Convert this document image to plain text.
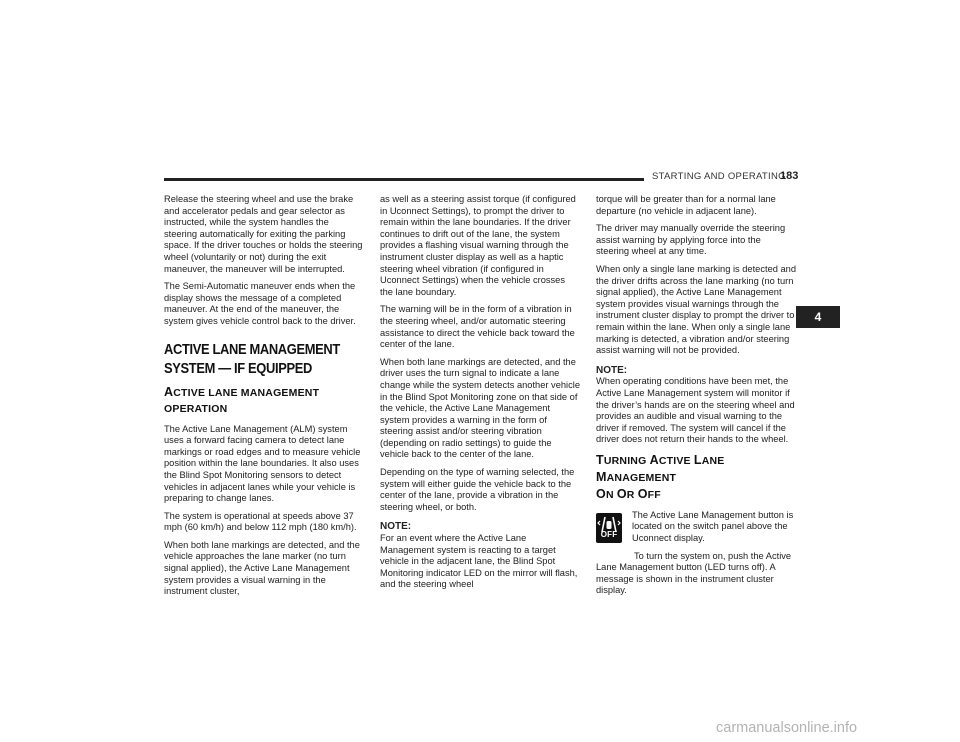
STARTING AND OPERATING
183

Release the steering wheel and use the brake and accelerator pedals and gear selector as instructed, while the system handles the steering automatically for exiting the parking space. If the driver touches or holds the steering wheel (voluntarily or not) during the exit maneuver, the maneuver will be interrupted.

The Semi-Automatic maneuver ends when the display shows the message of a completed maneuver. At the end of the maneuver, the system gives vehicle control back to the driver.

ACTIVE LANE MANAGEMENT SYSTEM — IF EQUIPPED
ACTIVE LANE MANAGEMENT OPERATION

The Active Lane Management (ALM) system uses a forward facing camera to detect lane markings or road edges and to measure vehicle position within the lane boundaries. It also uses the Blind Spot Monitoring sensors to detect vehicles in adjacent lanes while your vehicle is preparing to change lanes.

The system is operational at speeds above 37 mph (60 km/h) and below 112 mph (180 km/h).

When both lane markings are detected, and the vehicle approaches the lane marker (no turn signal applied), the Active Lane Management system provides a visual warning in the instrument cluster,

as well as a steering assist torque (if configured in Uconnect Settings), to prompt the driver to remain within the lane boundaries. If the driver continues to drift out of the lane, the system provides a flashing visual warning through the instrument cluster display as well as a haptic steering wheel vibration (if configured in Uconnect Settings) when the vehicle crosses the lane boundary.

The warning will be in the form of a vibration in the steering wheel, and/or automatic steering assistance to direct the vehicle back toward the center of the lane.

When both lane markings are detected, and the driver uses the turn signal to indicate a lane change while the system detects another vehicle in the Blind Spot Monitoring zone on that side of the vehicle, the Active Lane Management system provides a warning in the form of steering assist and/or steering vibration (depending on radio settings) to guide the vehicle back to the center of the lane.

Depending on the type of warning selected, the system will either guide the vehicle back to the center of the lane, provide a vibration in the steering wheel, or both.

NOTE:

For an event where the Active Lane Management system is reacting to a target vehicle in the adjacent lane, the Blind Spot Monitoring indicator LED on the mirror will flash, and the steering wheel

torque will be greater than for a normal lane departure (no vehicle in adjacent lane).

The driver may manually override the steering assist warning by applying force into the steering wheel at any time.

When only a single lane marking is detected and the driver drifts across the lane marking (no turn signal applied), the Active Lane Management system provides visual warnings through the instrument cluster display to prompt the driver to remain within the lane. When only a single lane marking is detected, a vibration and/or steering assist warning will not be provided.

NOTE:

When operating conditions have been met, the Active Lane Management system will monitor if the driver’s hands are on the steering wheel and provides an audible and visual warning to the driver if removed. The system will cancel if the driver does not return their hands to the wheel.

TURNING ACTIVE LANE MANAGEMENT
ON OR OFF
OFF

The Active Lane Management button is located on the switch panel above the Uconnect display.

To turn the system on, push the Active Lane Management button (LED turns off). A message is shown in the instrument cluster display.

4
carmanualsonline.info
